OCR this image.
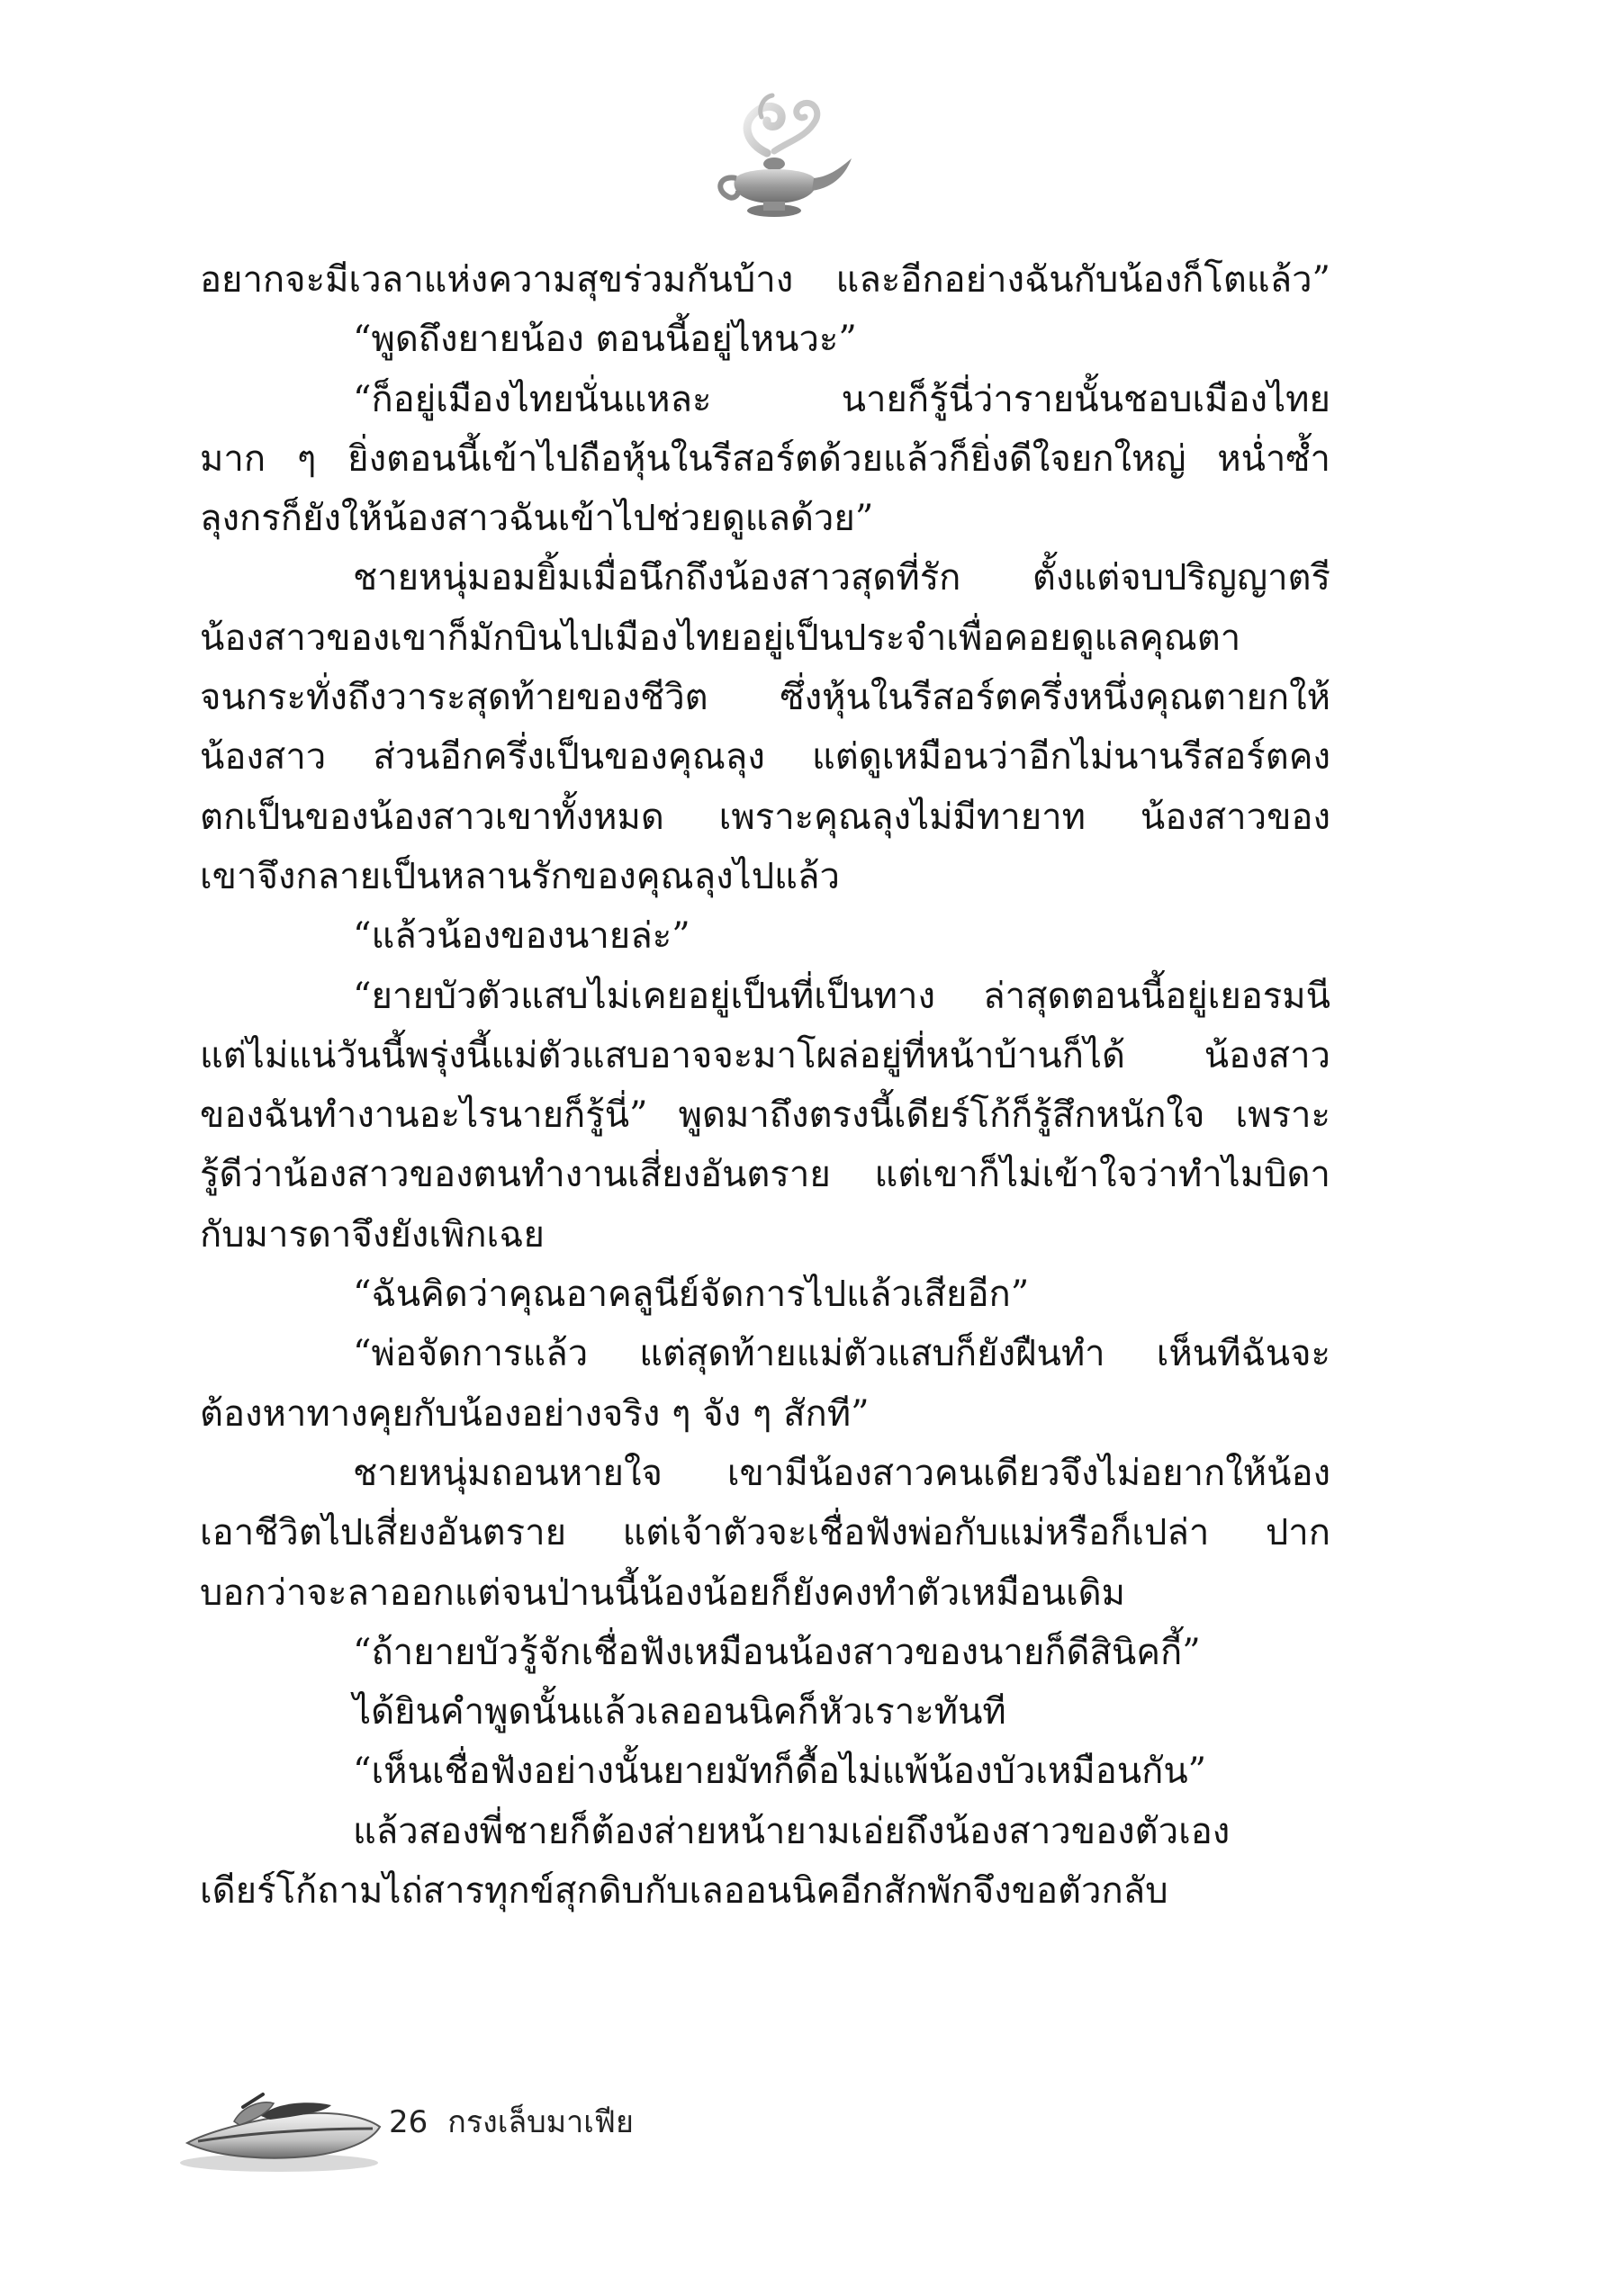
อยากจะมีเวลาแห่งความสุขร่วมกันบ้าง และอีกอย่างฉันกับน้องก็โตแล้ว”
“พูดถึงยายน้อง ตอนนี้อยู่ไหนวะ”
“ก็อยู่เมืองไทยนั่นแหละ นายก็รู้นี่ว่ารายนั้นชอบเมืองไทย
มาก ๆ ยิ่งตอนนี้เข้าไปถือหุ้นในรีสอร์ตด้วยแล้วก็ยิ่งดีใจยกใหญ่ หน่ำซ้ำ
ลุงกรก็ยังให้น้องสาวฉันเข้าไปช่วยดูแลด้วย”
ชายหนุ่มอมยิ้มเมื่อนึกถึงน้องสาวสุดที่รัก ตั้งแต่จบปริญญาตรี
น้องสาวของเขาก็มักบินไปเมืองไทยอยู่เป็นประจำเพื่อคอยดูแลคุณตา
จนกระทั่งถึงวาระสุดท้ายของชีวิต ซึ่งหุ้นในรีสอร์ตครึ่งหนึ่งคุณตายกให้
น้องสาว ส่วนอีกครึ่งเป็นของคุณลุง แต่ดูเหมือนว่าอีกไม่นานรีสอร์ตคง
ตกเป็นของน้องสาวเขาทั้งหมด เพราะคุณลุงไม่มีทายาท น้องสาวของ
เขาจึงกลายเป็นหลานรักของคุณลุงไปแล้ว
“แล้วน้องของนายล่ะ”
“ยายบัวตัวแสบไม่เคยอยู่เป็นที่เป็นทาง ล่าสุดตอนนี้อยู่เยอรมนี
แต่ไม่แน่วันนี้พรุ่งนี้แม่ตัวแสบอาจจะมาโผล่อยู่ที่หน้าบ้านก็ได้ น้องสาว
ของฉันทำงานอะไรนายก็รู้นี่” พูดมาถึงตรงนี้เดียร์โก้ก็รู้สึกหนักใจ เพราะ
รู้ดีว่าน้องสาวของตนทำงานเสี่ยงอันตราย แต่เขาก็ไม่เข้าใจว่าทำไมบิดา
กับมารดาจึงยังเพิกเฉย
“ฉันคิดว่าคุณอาคลูนีย์จัดการไปแล้วเสียอีก”
“พ่อจัดการแล้ว แต่สุดท้ายแม่ตัวแสบก็ยังฝืนทำ เห็นทีฉันจะ
ต้องหาทางคุยกับน้องอย่างจริง ๆ จัง ๆ สักที”
ชายหนุ่มถอนหายใจ เขามีน้องสาวคนเดียวจึงไม่อยากให้น้อง
เอาชีวิตไปเสี่ยงอันตราย แต่เจ้าตัวจะเชื่อฟังพ่อกับแม่หรือก็เปล่า ปาก
บอกว่าจะลาออกแต่จนป่านนี้น้องน้อยก็ยังคงทำตัวเหมือนเดิม
“ถ้ายายบัวรู้จักเชื่อฟังเหมือนน้องสาวของนายก็ดีสินิคกี้”
ได้ยินคำพูดนั้นแล้วเลออนนิคก็หัวเราะทันที
“เห็นเชื่อฟังอย่างนั้นยายมัทก็ดื้อไม่แพ้น้องบัวเหมือนกัน”
แล้วสองพี่ชายก็ต้องส่ายหน้ายามเอ่ยถึงน้องสาวของตัวเอง
เดียร์โก้ถามไถ่สารทุกข์สุกดิบกับเลออนนิคอีกสักพักจึงขอตัวกลับ
26 กรงเล็บมาเฟีย
